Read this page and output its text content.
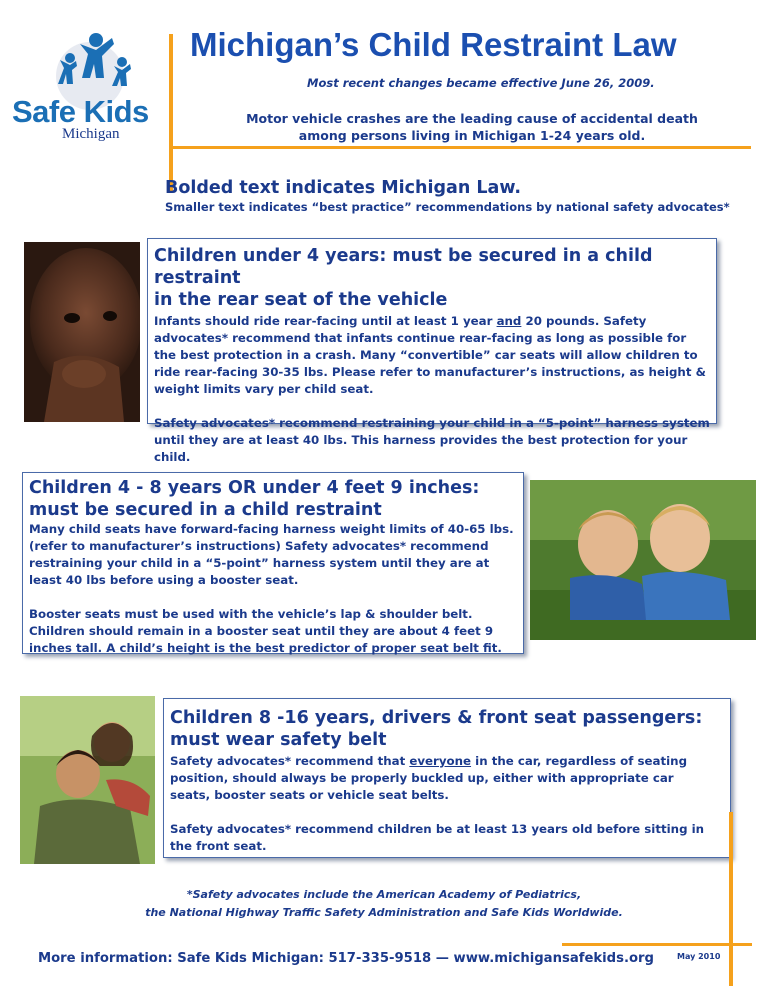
Safe Kids
Michigan
Michigan’s Child Restraint Law
Most recent changes became effective June 26, 2009.
Motor vehicle crashes are the leading cause of accidental death
among persons living in Michigan 1-24 years old.
Bolded text indicates Michigan Law.
Smaller text indicates “best practice” recommendations by national safety advocates*
Children under 4 years: must be secured in a child restraint
in the rear seat of the vehicle

Infants should ride rear-facing until at least 1 year and 20 pounds. Safety advocates* recommend that infants continue rear-facing as long as possible for the best protection in a crash. Many “convertible” car seats will allow children to ride rear-facing 30-35 lbs. Please refer to manufacturer’s instructions, as height & weight limits vary per child seat.

Safety advocates* recommend restraining your child in a “5-point” harness system until they are at least 40 lbs. This harness provides the best protection for your child.

Children 4 - 8 years OR under 4 feet 9 inches:
must be secured in a child restraint

Many child seats have forward-facing harness weight limits of 40-65 lbs. (refer to manufacturer’s instructions) Safety advocates* recommend restraining your child in a “5-point” harness system until they are at least 40 lbs before using a booster seat.

Booster seats must be used with the vehicle’s lap & shoulder belt. Children should remain in a booster seat until they are about 4 feet 9 inches tall. A child’s height is the best predictor of proper seat belt fit.

Children 8 -16 years, drivers & front seat passengers:
must wear safety belt

Safety advocates* recommend that everyone in the car, regardless of seating position, should always be properly buckled up, either with appropriate car seats, booster seats or vehicle seat belts.

Safety advocates* recommend children be at least 13 years old before sitting in the front seat.

*Safety advocates include the American Academy of Pediatrics,
the National Highway Traffic Safety Administration and Safe Kids Worldwide.
More information: Safe Kids Michigan: 517-335-9518 — www.michigansafekids.org	May 2010
